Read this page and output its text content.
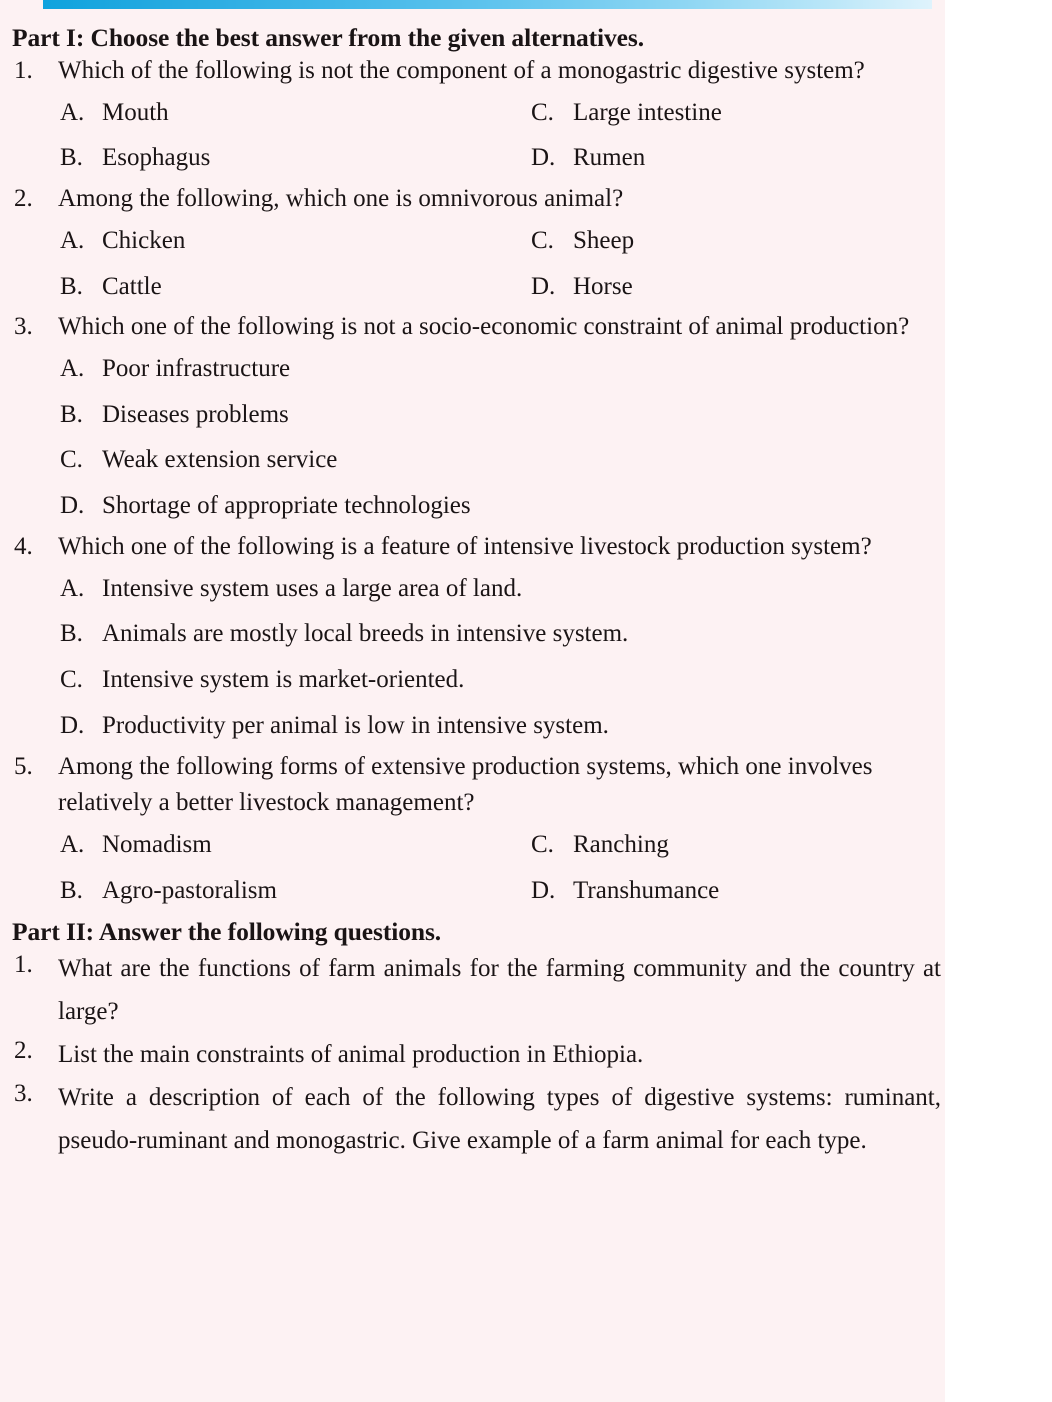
Part I: Choose the best answer from the given alternatives.
1.	Which of the following is not the component of a monogastric digestive system?
A. Mouth	C. Large intestine
B. Esophagus	D. Rumen
2.	Among the following, which one is omnivorous animal?
A. Chicken	C. Sheep
B. Cattle	D. Horse
3.	Which one of the following is not a socio-economic constraint of animal production?
A. Poor infrastructure
B. Diseases problems
C. Weak extension service
D. Shortage of appropriate technologies
4.	Which one of the following is a feature of intensive livestock production system?
A. Intensive system uses a large area of land.
B. Animals are mostly local breeds in intensive system.
C. Intensive system is market-oriented.
D. Productivity per animal is low in intensive system.
5.	Among the following forms of extensive production systems, which one involves relatively a better livestock management?
A. Nomadism	C. Ranching
B. Agro-pastoralism	D. Transhumance
Part II: Answer the following questions.
1.	What are the functions of farm animals for the farming community and the country at large?
2.	List the main constraints of animal production in Ethiopia.
3.	Write a description of each of the following types of digestive systems: ruminant, pseudo-ruminant and monogastric. Give example of a farm animal for each type.
